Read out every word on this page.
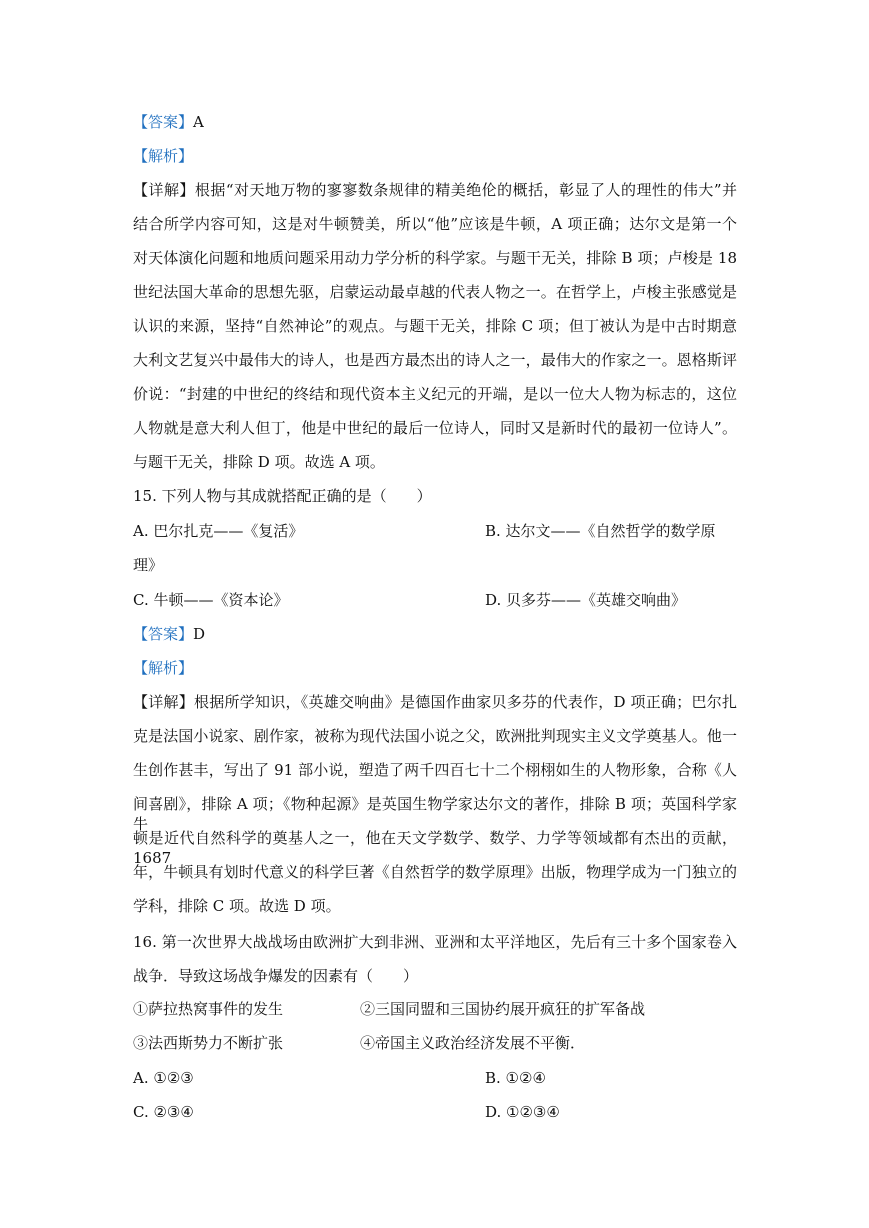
【答案】A
【解析】
【详解】根据“对天地万物的寥寥数条规律的精美绝伦的概括，彰显了人的理性的伟大”并
结合所学内容可知，这是对牛顿赞美，所以“他”应该是牛顿，A 项正确；达尔文是第一个
对天体演化问题和地质问题采用动力学分析的科学家。与题干无关，排除 B 项；卢梭是 18
世纪法国大革命的思想先驱，启蒙运动最卓越的代表人物之一。在哲学上，卢梭主张感觉是
认识的来源，坚持“自然神论”的观点。与题干无关，排除 C 项；但丁被认为是中古时期意
大利文艺复兴中最伟大的诗人，也是西方最杰出的诗人之一，最伟大的作家之一。恩格斯评
价说：“封建的中世纪的终结和现代资本主义纪元的开端，是以一位大人物为标志的，这位
人物就是意大利人但丁，他是中世纪的最后一位诗人，同时又是新时代的最初一位诗人”。
与题干无关，排除 D 项。故选 A 项。
15. 下列人物与其成就搭配正确的是（　　）
A. 巴尔扎克——《复活》	B. 达尔文——《自然哲学的数学原
理》
C. 牛顿——《资本论》	D. 贝多芬——《英雄交响曲》
【答案】D
【解析】
【详解】根据所学知识，《英雄交响曲》是德国作曲家贝多芬的代表作，D 项正确；巴尔扎
克是法国小说家、剧作家，被称为现代法国小说之父，欧洲批判现实主义文学奠基人。他一
生创作甚丰，写出了 91 部小说，塑造了两千四百七十二个栩栩如生的人物形象，合称《人
间喜剧》，排除 A 项；《物种起源》是英国生物学家达尔文的著作，排除 B 项；英国科学家牛
顿是近代自然科学的奠基人之一，他在天文学数学、数学、力学等领域都有杰出的贡献，1687
年，牛顿具有划时代意义的科学巨著《自然哲学的数学原理》出版，物理学成为一门独立的
学科，排除 C 项。故选 D 项。
16. 第一次世界大战战场由欧洲扩大到非洲、亚洲和太平洋地区，先后有三十多个国家卷入
战争．导致这场战争爆发的因素有（　　）
①萨拉热窝事件的发生	②三国同盟和三国协约展开疯狂的扩军备战
③法西斯势力不断扩张	④帝国主义政治经济发展不平衡．
A. ①②③	B. ①②④
C. ②③④	D. ①②③④
